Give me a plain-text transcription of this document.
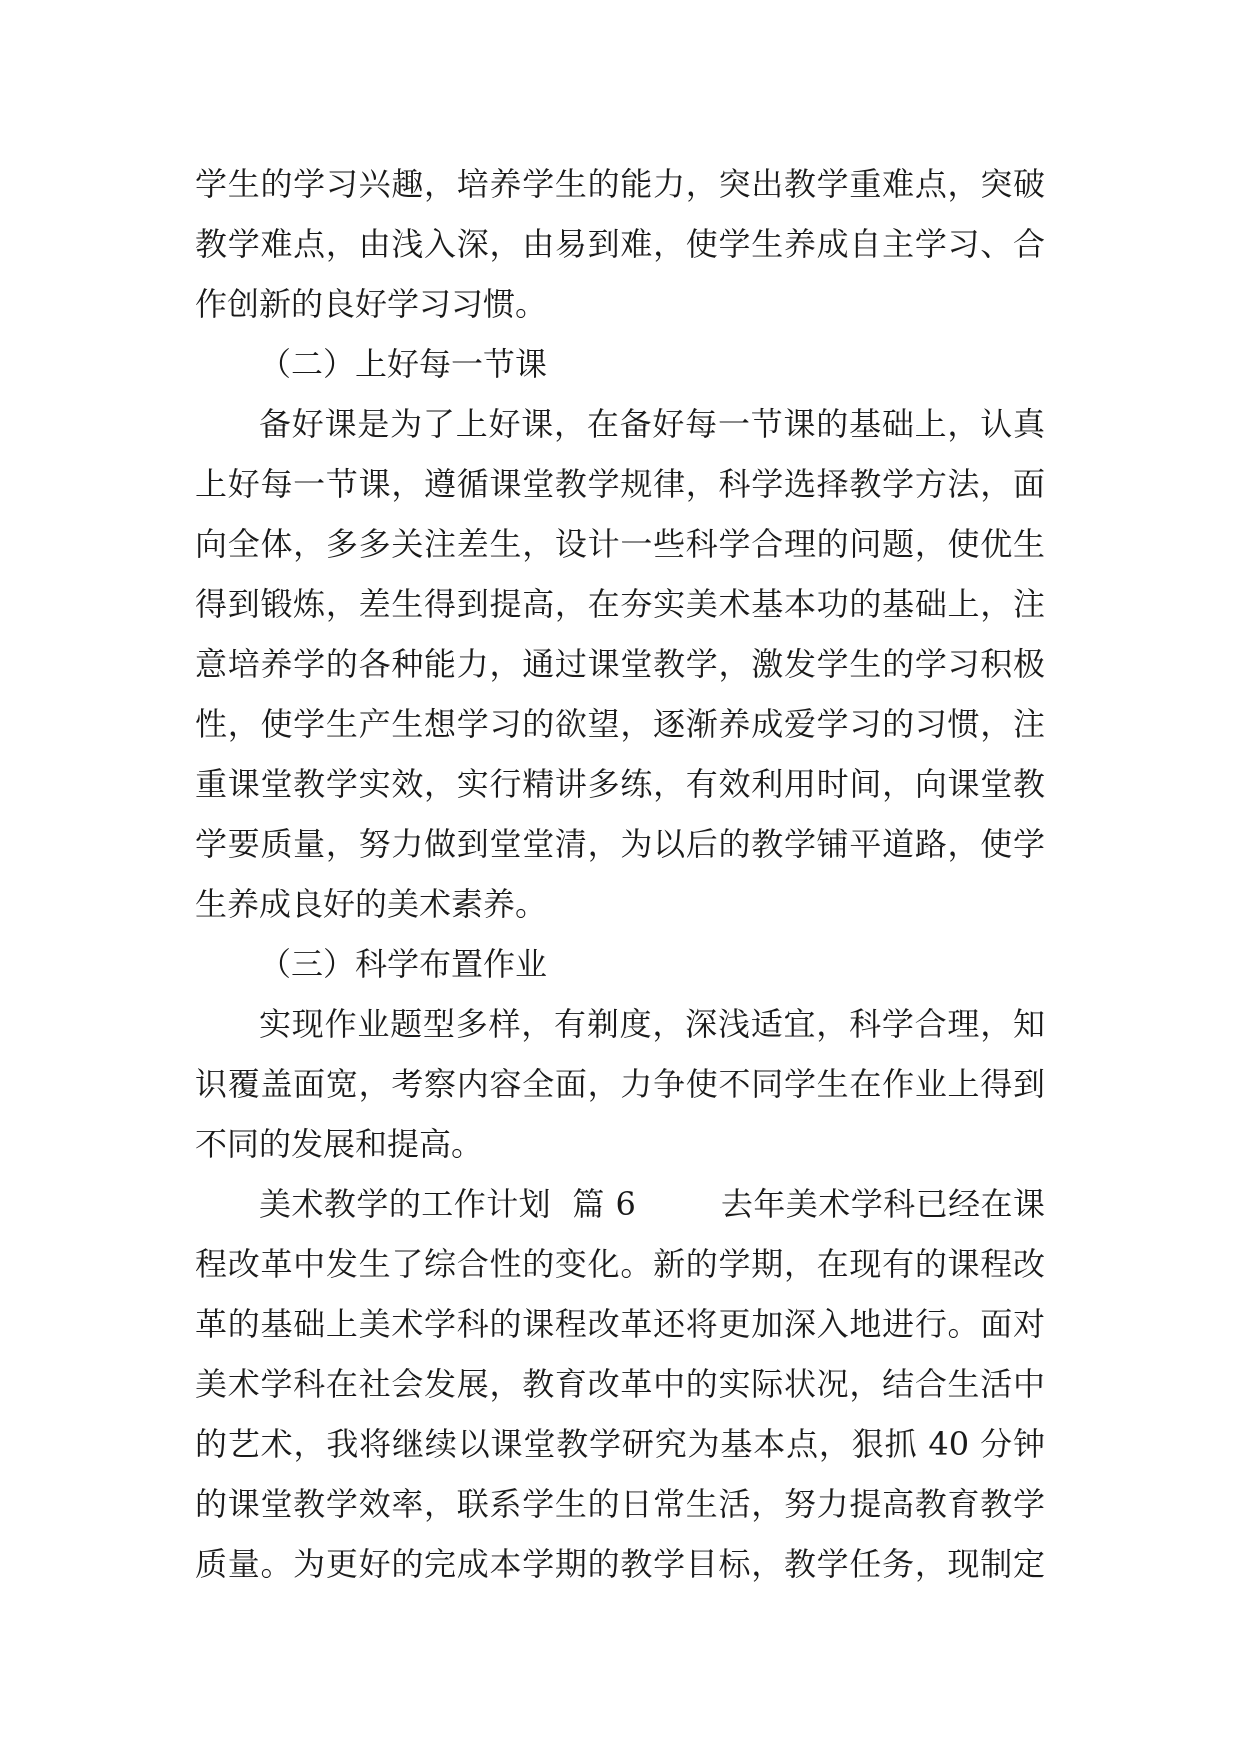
学生的学习兴趣，培养学生的能力，突出教学重难点，突破
教学难点，由浅入深，由易到难，使学生养成自主学习、合
作创新的良好学习习惯。
（二）上好每一节课
备好课是为了上好课，在备好每一节课的基础上，认真
上好每一节课，遵循课堂教学规律，科学选择教学方法，面
向全体，多多关注差生，设计一些科学合理的问题，使优生
得到锻炼，差生得到提高，在夯实美术基本功的基础上，注
意培养学的各种能力，通过课堂教学，激发学生的学习积极
性，使学生产生想学习的欲望，逐渐养成爱学习的习惯，注
重课堂教学实效，实行精讲多练，有效利用时间，向课堂教
学要质量，努力做到堂堂清，为以后的教学铺平道路，使学
生养成良好的美术素养。
（三）科学布置作业
实现作业题型多样，有剃度，深浅适宜，科学合理，知
识覆盖面宽，考察内容全面，力争使不同学生在作业上得到
不同的发展和提高。
美术教学的工作计划  篇 6        去年美术学科已经在课
程改革中发生了综合性的变化。新的学期，在现有的课程改
革的基础上美术学科的课程改革还将更加深入地进行。面对
美术学科在社会发展，教育改革中的实际状况，结合生活中
的艺术，我将继续以课堂教学研究为基本点，狠抓 40 分钟
的课堂教学效率，联系学生的日常生活，努力提高教育教学
质量。为更好的完成本学期的教学目标，教学任务，现制定
